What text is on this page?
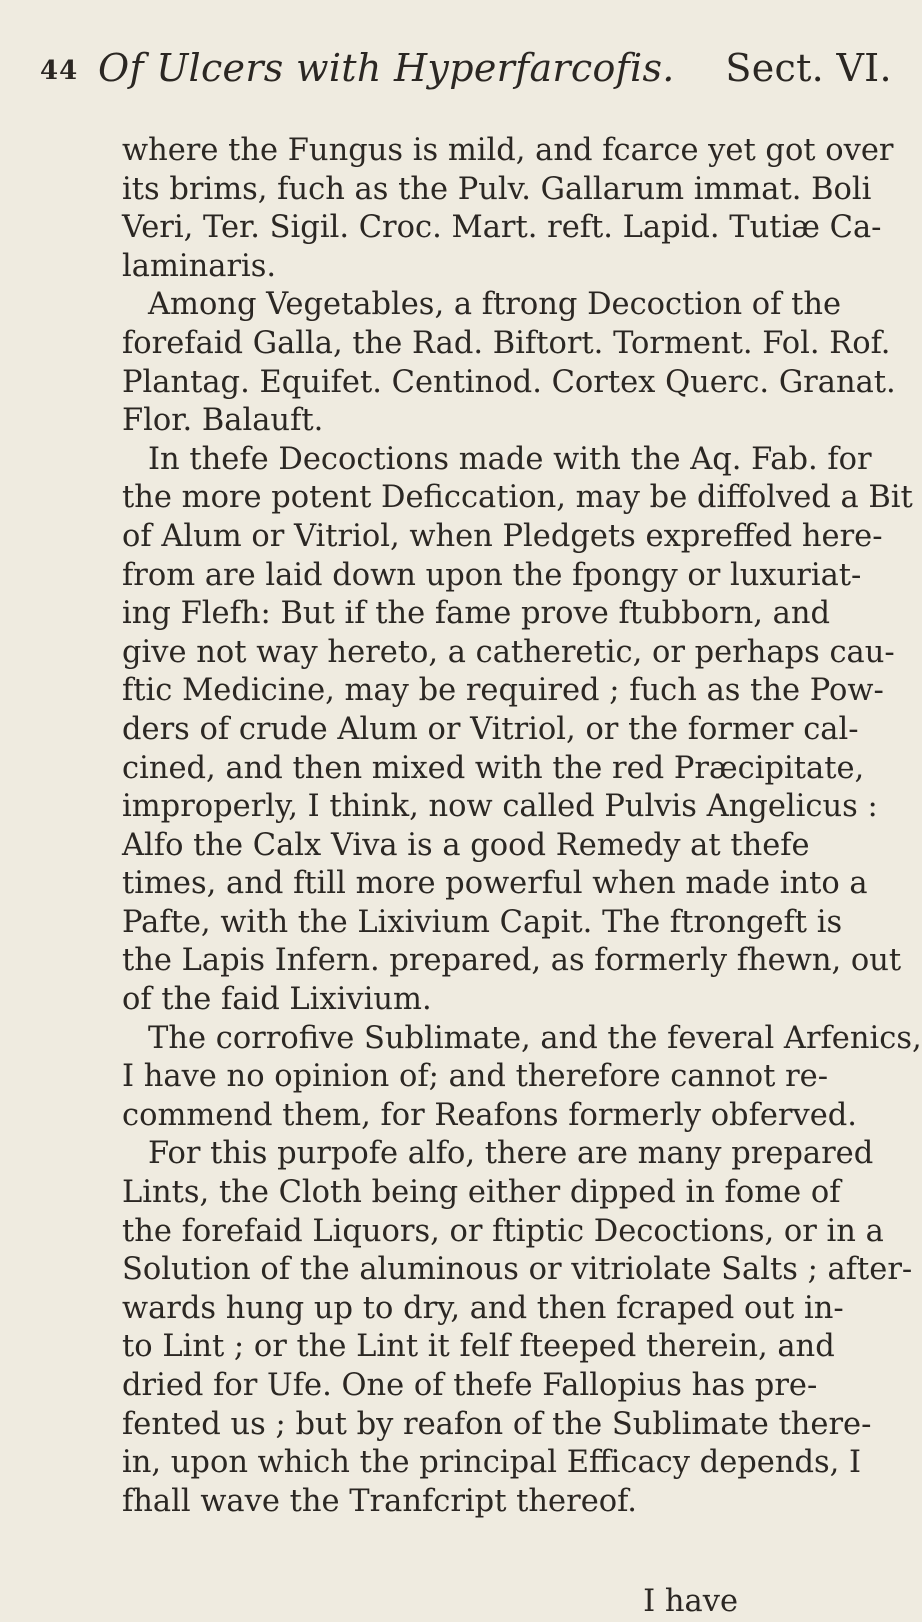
44 Of Ulcers with Hyperfarcofis. Sect. VI.
where the Fungus is mild, and fcarce yet got over
its brims, fuch as the Pulv. Gallarum immat. Boli
Veri, Ter. Sigil. Croc. Mart. reft. Lapid. Tutiæ Ca-
laminaris.
Among Vegetables, a ftrong Decoction of the
forefaid Galla, the Rad. Biftort. Torment. Fol. Rof.
Plantag. Equifet. Centinod. Cortex Querc. Granat.
Flor. Balauft.
In thefe Decoctions made with the Aq. Fab. for
the more potent Deficcation, may be diffolved a Bit
of Alum or Vitriol, when Pledgets expreffed here-
from are laid down upon the fpongy or luxuriat-
ing Flefh: But if the fame prove ftubborn, and
give not way hereto, a catheretic, or perhaps cau-
ftic Medicine, may be required ; fuch as the Pow-
ders of crude Alum or Vitriol, or the former cal-
cined, and then mixed with the red Præcipitate,
improperly, I think, now called Pulvis Angelicus :
Alfo the Calx Viva is a good Remedy at thefe
times, and ftill more powerful when made into a
Pafte, with the Lixivium Capit. The ftrongeft is
the Lapis Infern. prepared, as formerly fhewn, out
of the faid Lixivium.
The corrofive Sublimate, and the feveral Arfenics,
I have no opinion of; and therefore cannot re-
commend them, for Reafons formerly obferved.
For this purpofe alfo, there are many prepared
Lints, the Cloth being either dipped in fome of
the forefaid Liquors, or ftiptic Decoctions, or in a
Solution of the aluminous or vitriolate Salts ; after-
wards hung up to dry, and then fcraped out in-
to Lint ; or the Lint it felf fteeped therein, and
dried for Ufe. One of thefe Fallopius has pre-
fented us ; but by reafon of the Sublimate there-
in, upon which the principal Efficacy depends, I
fhall wave the Tranfcript thereof.
I have
